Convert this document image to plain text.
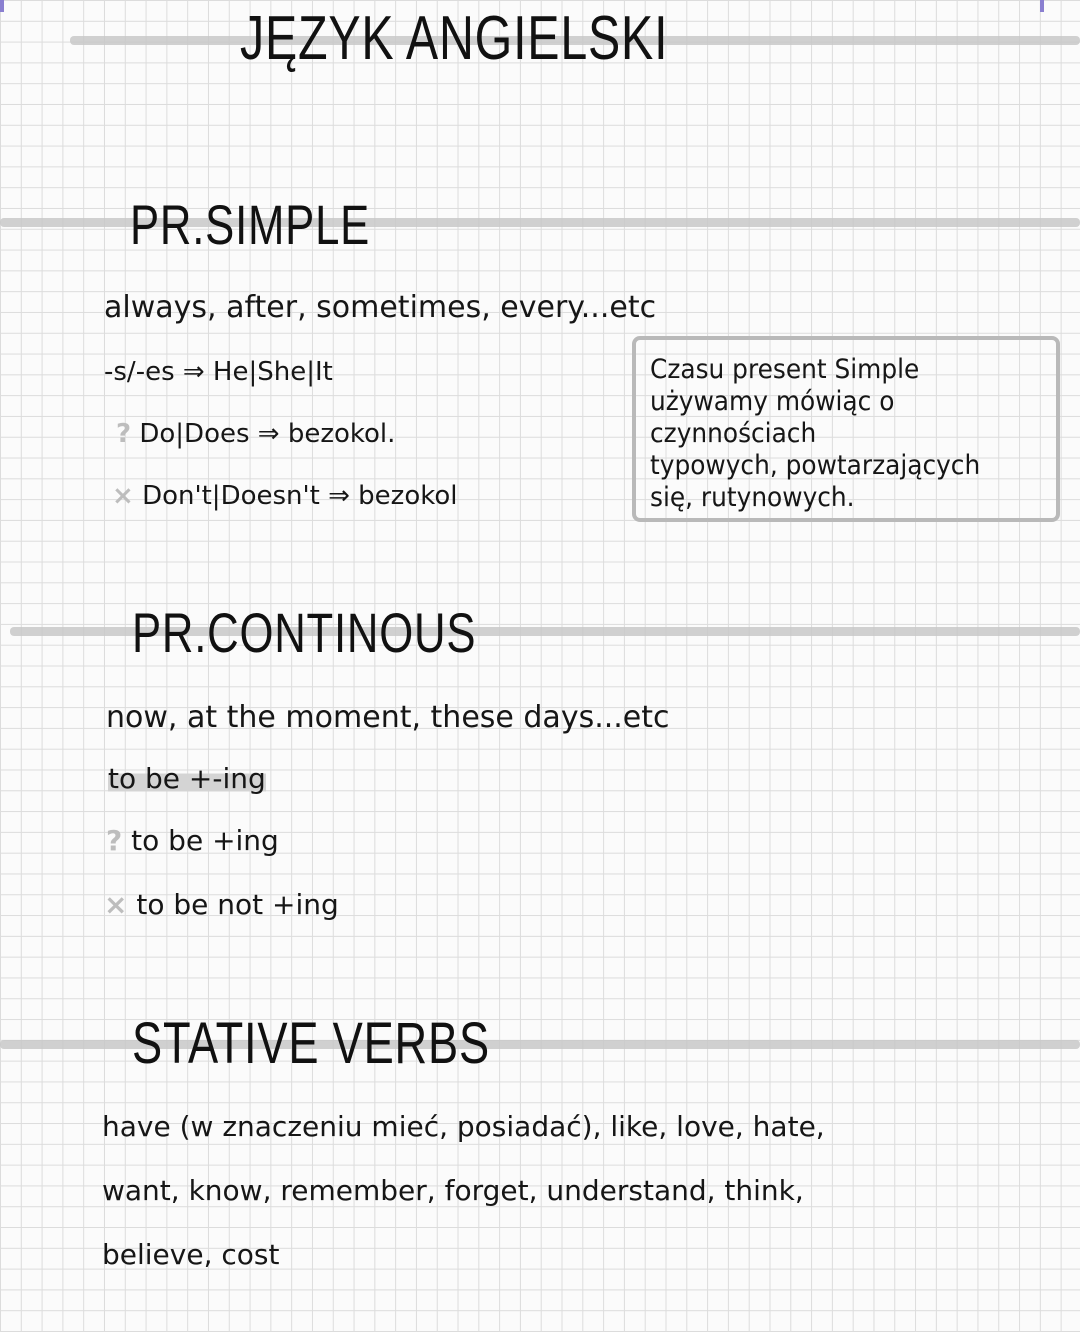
JĘZYK ANGIELSKI
PR.SIMPLE
always, after, sometimes, every...etc
-s/-es ⇒ He|She|It
? Do|Does ⇒ bezokol.
× Don't|Doesn't ⇒ bezokol
Czasu present Simple
używamy mówiąc o
czynnościach
typowych, powtarzających
się, rutynowych.
PR.CONTINOUS
now, at the moment, these days...etc
to be +-ing
? to be +ing
× to be not +ing
STATIVE VERBS
have (w znaczeniu mieć, posiadać), like, love, hate,
want, know, remember, forget, understand, think,
believe, cost
